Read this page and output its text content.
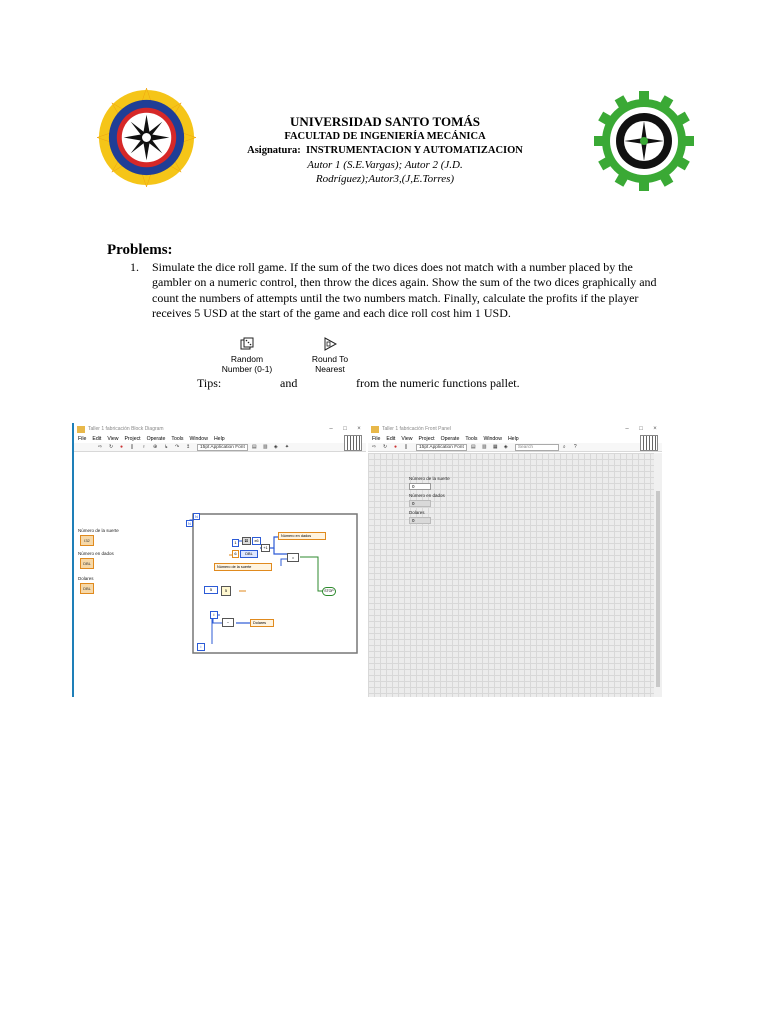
UNIVERSIDAD SANTO TOMÁS
FACULTAD DE INGENIERÍA MECÁNICA
Asignatura: INSTRUMENTACION Y AUTOMATIZACION
Autor 1 (S.E.Vargas); Autor 2 (J.D.
Rodríguez);Autor3,(J,E.Torres)
Problems:
1. Simulate the dice roll game. If the sum of the two dices does not match with a number placed by the gambler on a numeric control, then throw the dices again. Show the sum of the two dices graphically and count the numbers of attempts until the two numbers match. Finally, calculate the profits if the player receives 5 USD at the start of the game and each dice roll cost him 1 USD.
Random
Number (0-1)
Round To
Nearest
Tips:	and	from the numeric functions pallet.
Taller 1 fabricación Block Diagram	–	□	×
File Edit View Project Operate Tools Window Help
⇨	↻	●	∥	♀	⊕	↳	↷	↥	15pt Application Font	▤	▥	◈	✦
Número de la suerte
I32
Número en dados
DBL
Dolares
DBL
N
N
1	⚄	x6
+1
6	DBL
Número en dados
=
Número de la suerte
STOP
5	5
i
−	Dolares
i
Taller 1 fabricación Front Panel	–	□	×
File Edit View Project Operate Tools Window Help
⇨	↻	●	∥	15pt Application Font	▤	▥	▦	◈	Search	⌕	?
Número de la suerte
0
Número en dados
0
Dolares
0
